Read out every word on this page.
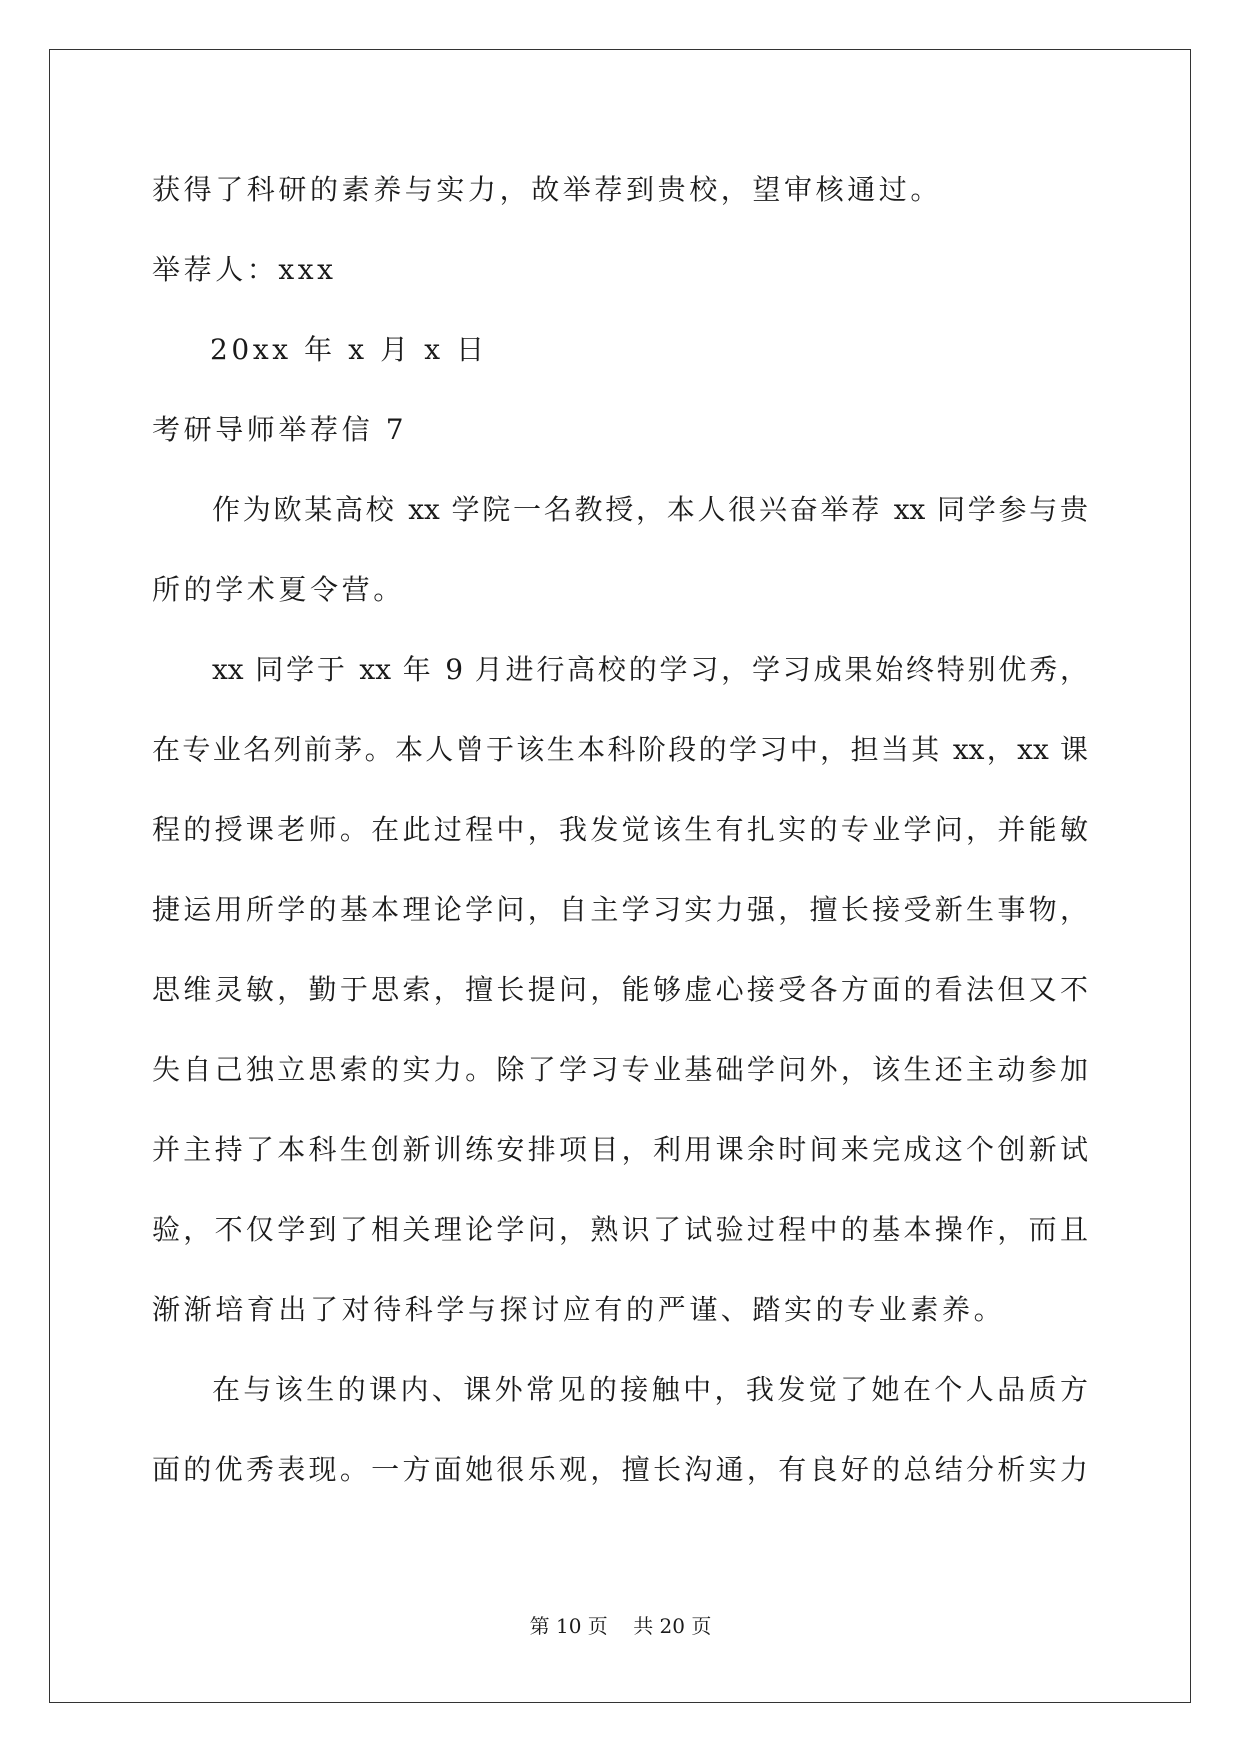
获得了科研的素养与实力，故举荐到贵校，望审核通过。
举荐人：xxx
20xx 年 x 月 x 日
考研导师举荐信 7
作为欧某高校 xx 学院一名教授，本人很兴奋举荐 xx 同学参与贵
所的学术夏令营。
xx 同学于 xx 年 9 月进行高校的学习，学习成果始终特别优秀，
在专业名列前茅。本人曾于该生本科阶段的学习中，担当其 xx，xx 课
程的授课老师。在此过程中，我发觉该生有扎实的专业学问，并能敏
捷运用所学的基本理论学问，自主学习实力强，擅长接受新生事物，
思维灵敏，勤于思索，擅长提问，能够虚心接受各方面的看法但又不
失自己独立思索的实力。除了学习专业基础学问外，该生还主动参加
并主持了本科生创新训练安排项目，利用课余时间来完成这个创新试
验，不仅学到了相关理论学问，熟识了试验过程中的基本操作，而且
渐渐培育出了对待科学与探讨应有的严谨、踏实的专业素养。
在与该生的课内、课外常见的接触中，我发觉了她在个人品质方
面的优秀表现。一方面她很乐观，擅长沟通，有良好的总结分析实力
第 10 页    共 20 页
